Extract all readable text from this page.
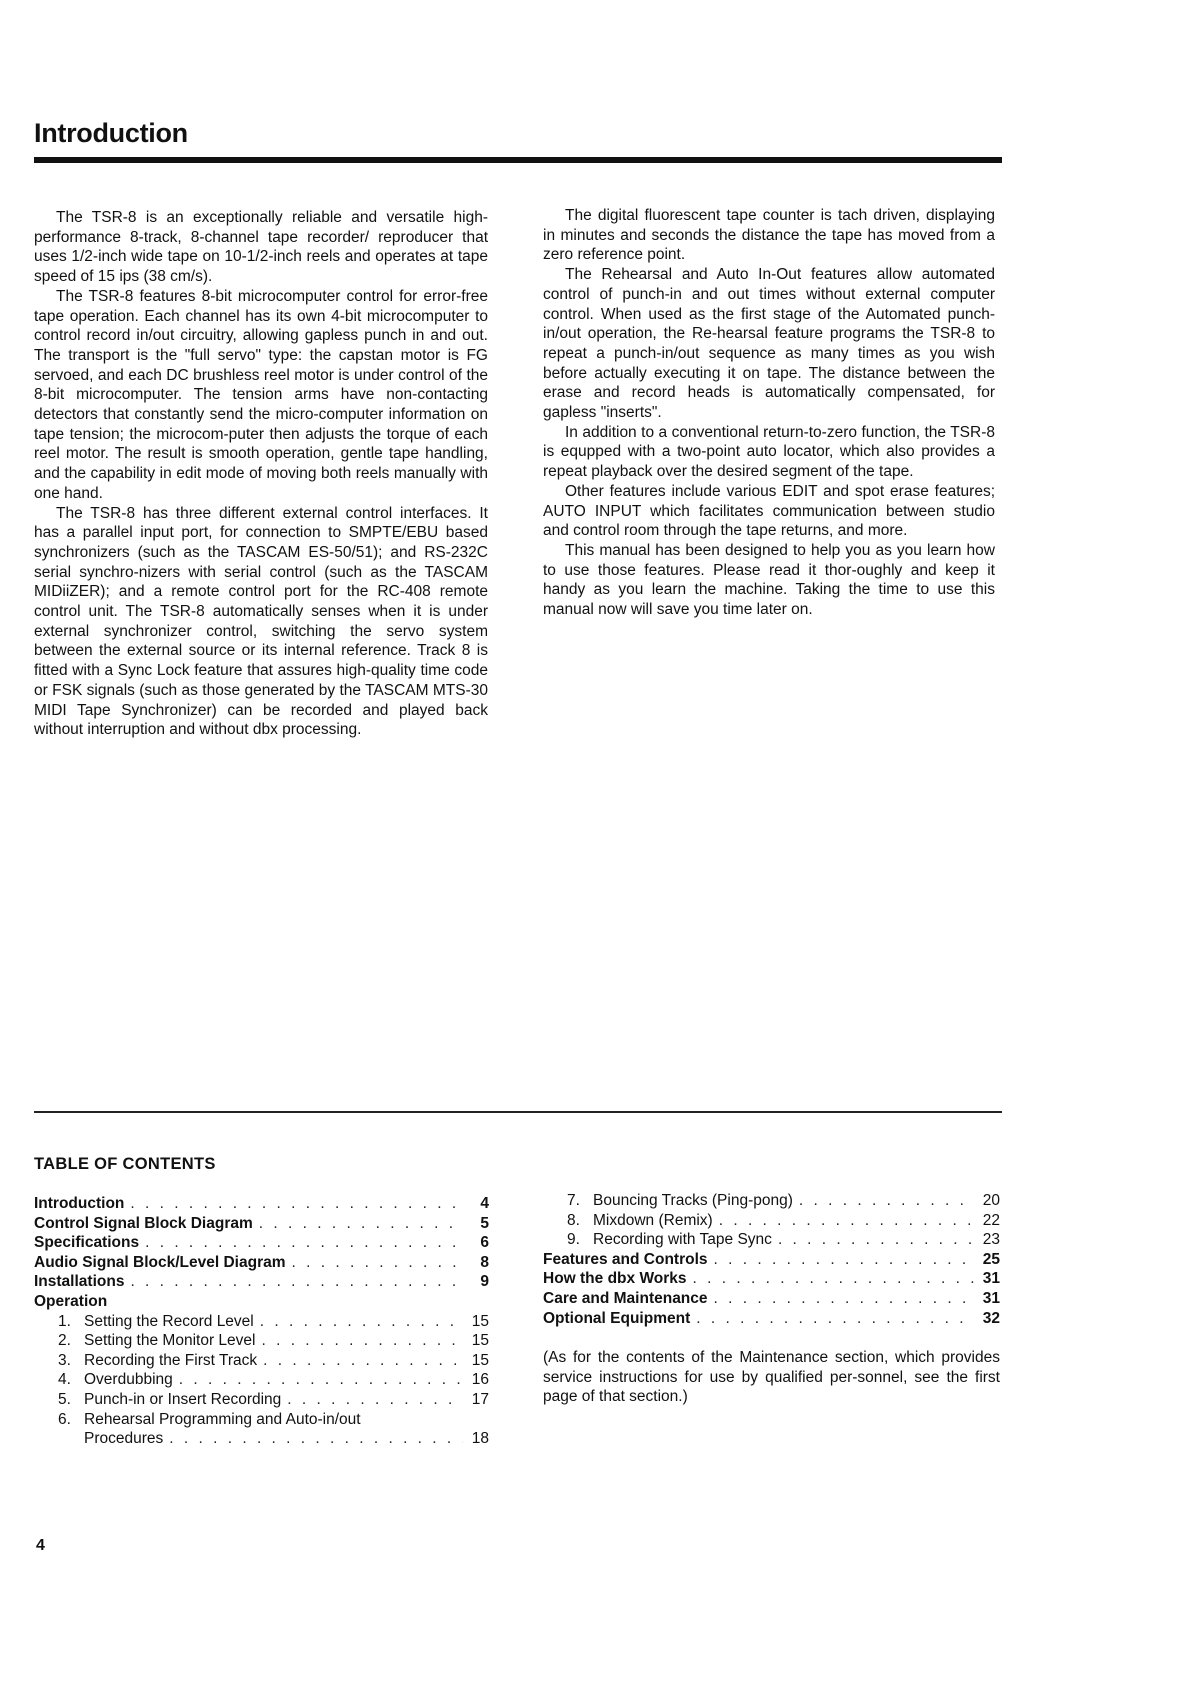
Introduction

The TSR-8 is an exceptionally reliable and versatile high-performance 8-track, 8-channel tape recorder/ reproducer that uses 1/2-inch wide tape on 10-1/2-inch reels and operates at tape speed of 15 ips (38 cm/s).

The TSR-8 features 8-bit microcomputer control for error-free tape operation. Each channel has its own 4-bit microcomputer to control record in/out circuitry, allowing gapless punch in and out. The transport is the "full servo" type: the capstan motor is FG servoed, and each DC brushless reel motor is under control of the 8-bit microcomputer. The tension arms have non-contacting detectors that constantly send the micro-computer information on tape tension; the microcom-puter then adjusts the torque of each reel motor. The result is smooth operation, gentle tape handling, and the capability in edit mode of moving both reels manually with one hand.

The TSR-8 has three different external control interfaces. It has a parallel input port, for connection to SMPTE/EBU based synchronizers (such as the TASCAM ES-50/51); and RS-232C serial synchro-nizers with serial control (such as the TASCAM MIDiiZER); and a remote control port for the RC-408 remote control unit. The TSR-8 automatically senses when it is under external synchronizer control, switching the servo system between the external source or its internal reference. Track 8 is fitted with a Sync Lock feature that assures high-quality time code or FSK signals (such as those generated by the TASCAM MTS-30 MIDI Tape Synchronizer) can be recorded and played back without interruption and without dbx processing.

The digital fluorescent tape counter is tach driven, displaying in minutes and seconds the distance the tape has moved from a zero reference point.

The Rehearsal and Auto In-Out features allow automated control of punch-in and out times without external computer control. When used as the first stage of the Automated punch-in/out operation, the Re-hearsal feature programs the TSR-8 to repeat a punch-in/out sequence as many times as you wish before actually executing it on tape. The distance between the erase and record heads is automatically compensated, for gapless "inserts".

In addition to a conventional return-to-zero function, the TSR-8 is equpped with a two-point auto locator, which also provides a repeat playback over the desired segment of the tape.

Other features include various EDIT and spot erase features; AUTO INPUT which facilitates communication between studio and control room through the tape returns, and more.

This manual has been designed to help you as you learn how to use those features. Please read it thor-oughly and keep it handy as you learn the machine. Taking the time to use this manual now will save you time later on.

TABLE OF CONTENTS
Introduction . . .	4
Control Signal Block Diagram . . .	5
Specifications . . .	6
Audio Signal Block/Level Diagram . . .	8
Installations . . .	9
Operation
1. Setting the Record Level . . .	15
2. Setting the Monitor Level . . .	15
3. Recording the First Track . . .	15
4. Overdubbing . . .	16
5. Punch-in or Insert Recording . . .	17
6. Rehearsal Programming and Auto-in/out
Procedures . . .	18
7. Bouncing Tracks (Ping-pong) . . .	20
8. Mixdown (Remix) . . .	22
9. Recording with Tape Sync . . .	23
Features and Controls . . .	25
How the dbx Works . . .	31
Care and Maintenance . . .	31
Optional Equipment . . .	32
(As for the contents of the Maintenance section, which provides service instructions for use by qualified per-sonnel, see the first page of that section.)
4
